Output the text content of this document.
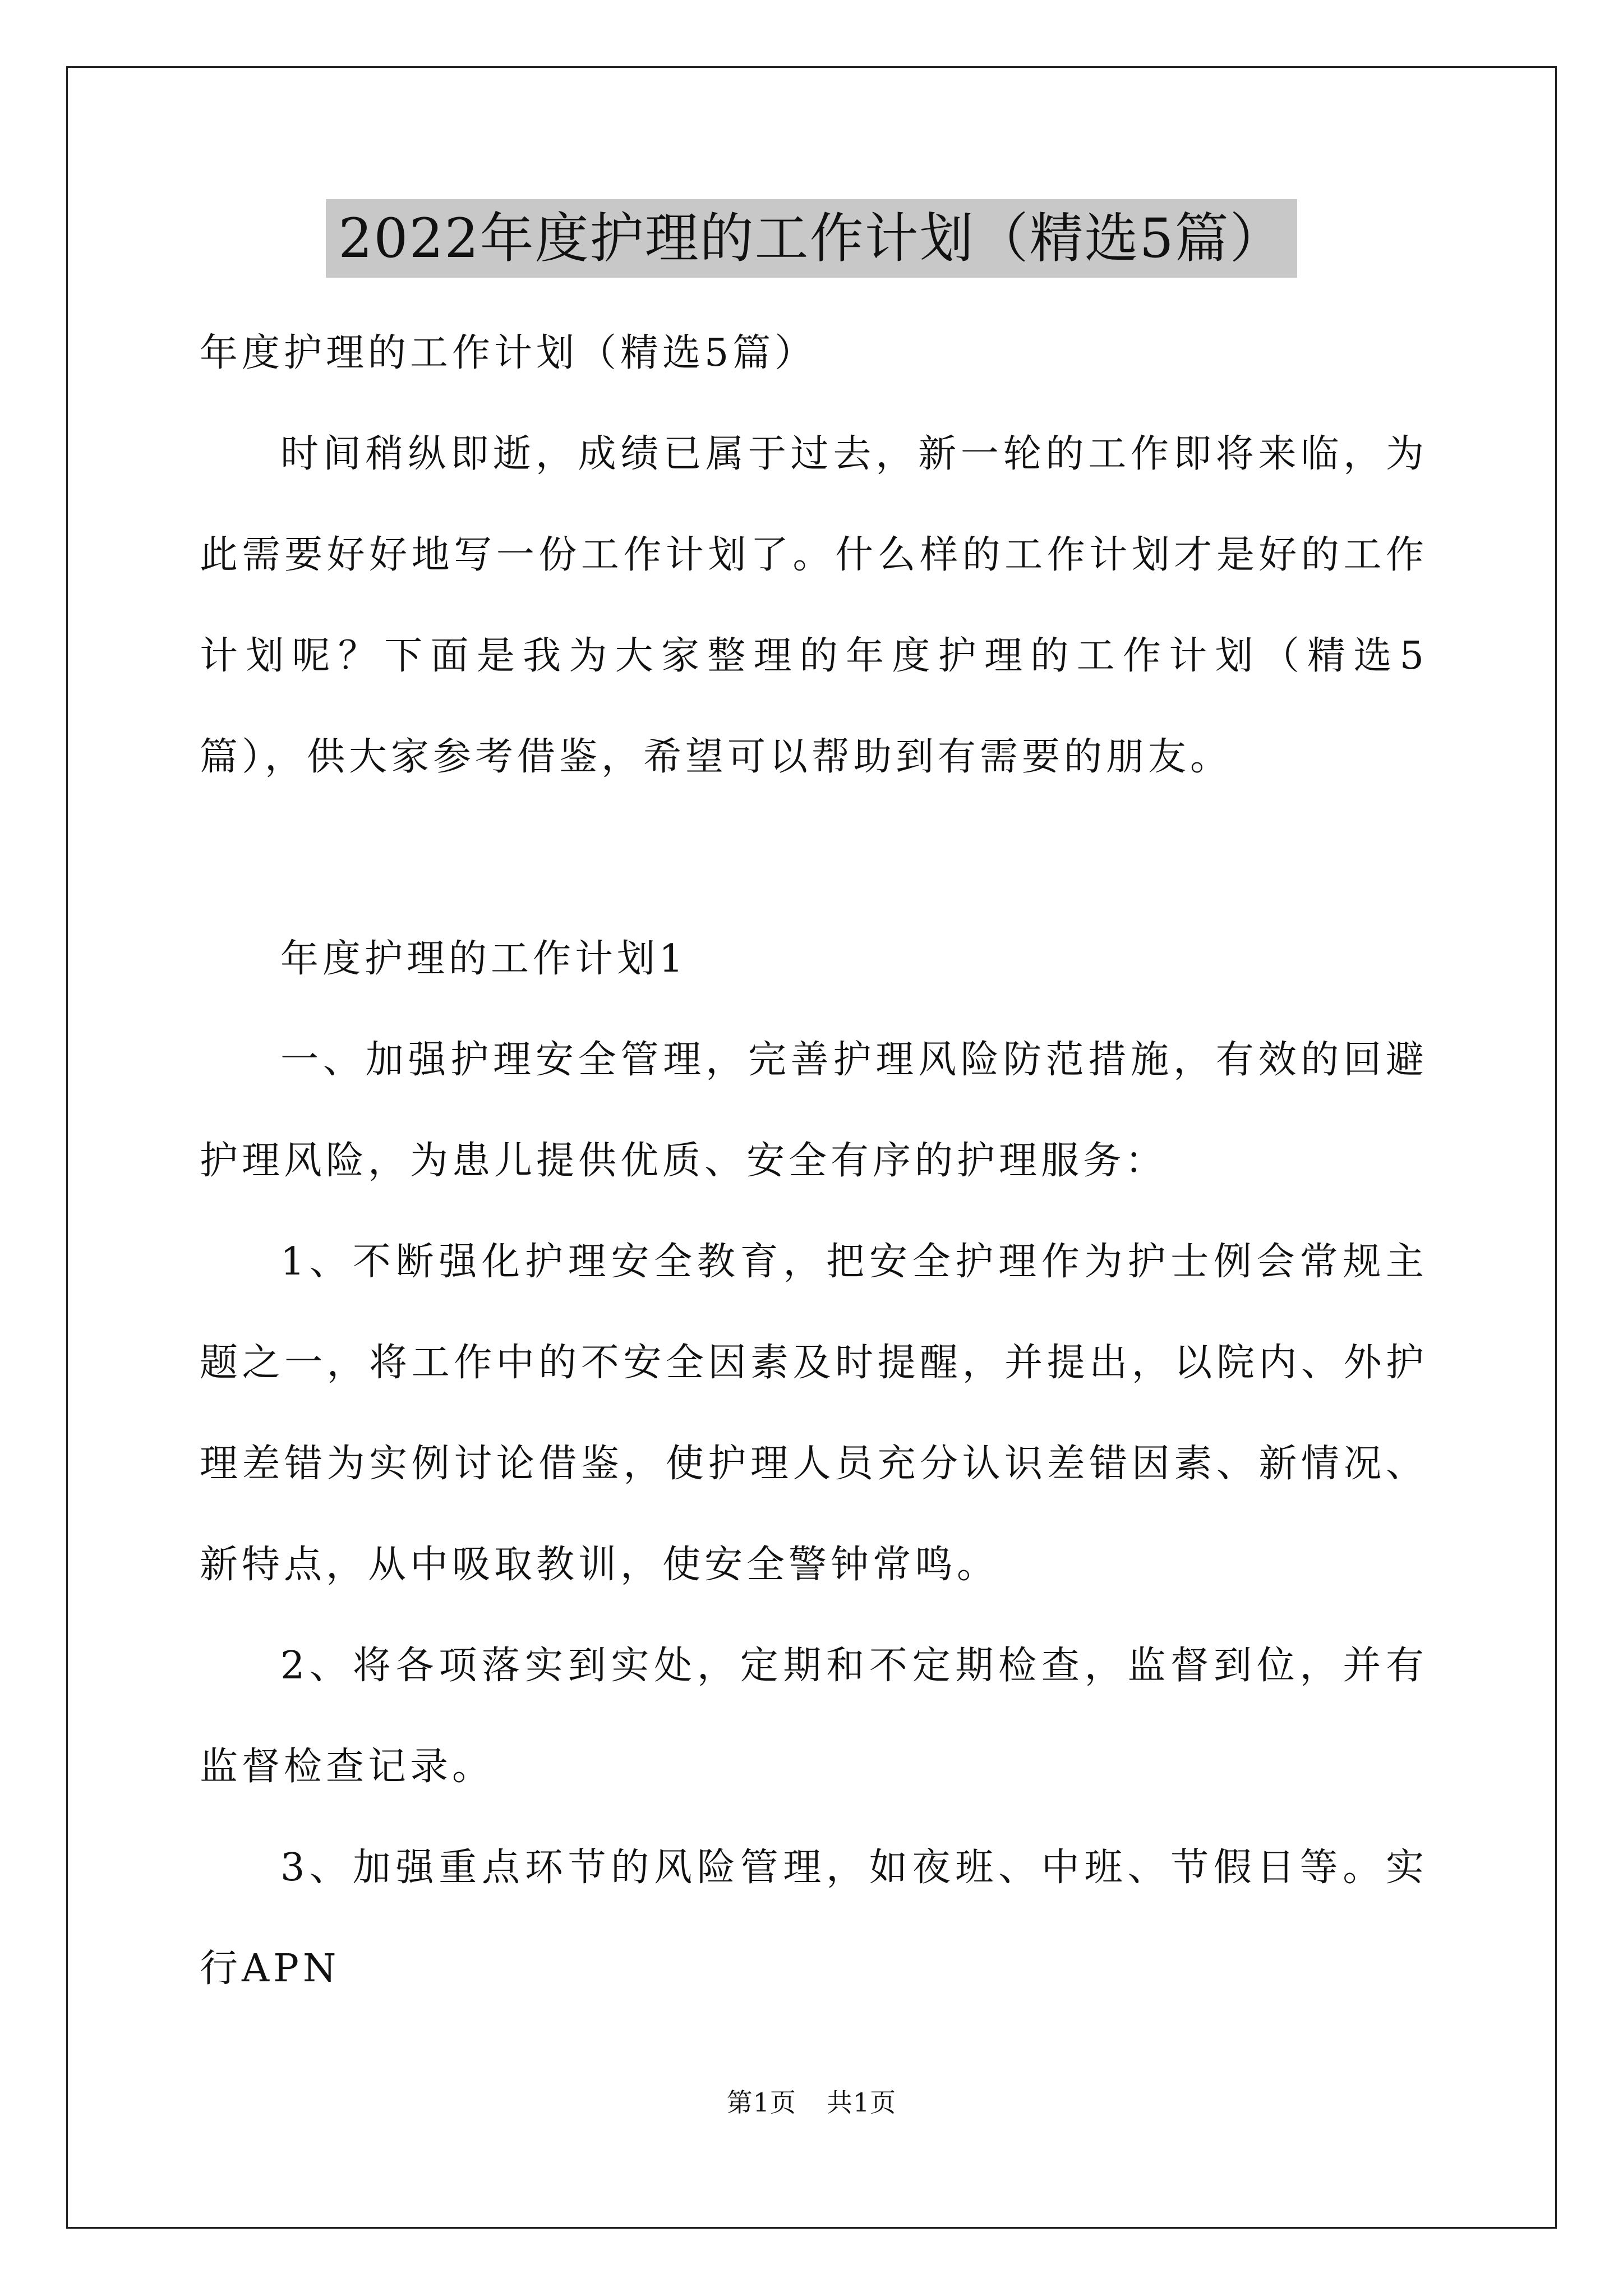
2022年度护理的工作计划（精选5篇）

年度护理的工作计划（精选5篇）

时间稍纵即逝，成绩已属于过去，新一轮的工作即将来临，为此需要好好地写一份工作计划了。什么样的工作计划才是好的工作计划呢？下面是我为大家整理的年度护理的工作计划（精选5篇），供大家参考借鉴，希望可以帮助到有需要的朋友。

年度护理的工作计划1

一、加强护理安全管理，完善护理风险防范措施，有效的回避护理风险，为患儿提供优质、安全有序的护理服务：

1、不断强化护理安全教育，把安全护理作为护士例会常规主题之一，将工作中的不安全因素及时提醒，并提出，以院内、外护理差错为实例讨论借鉴，使护理人员充分认识差错因素、新情况、新特点，从中吸取教训，使安全警钟常鸣。

2、将各项落实到实处，定期和不定期检查，监督到位，并有监督检查记录。

3、加强重点环节的风险管理，如夜班、中班、节假日等。实行APN

第1页 共1页
